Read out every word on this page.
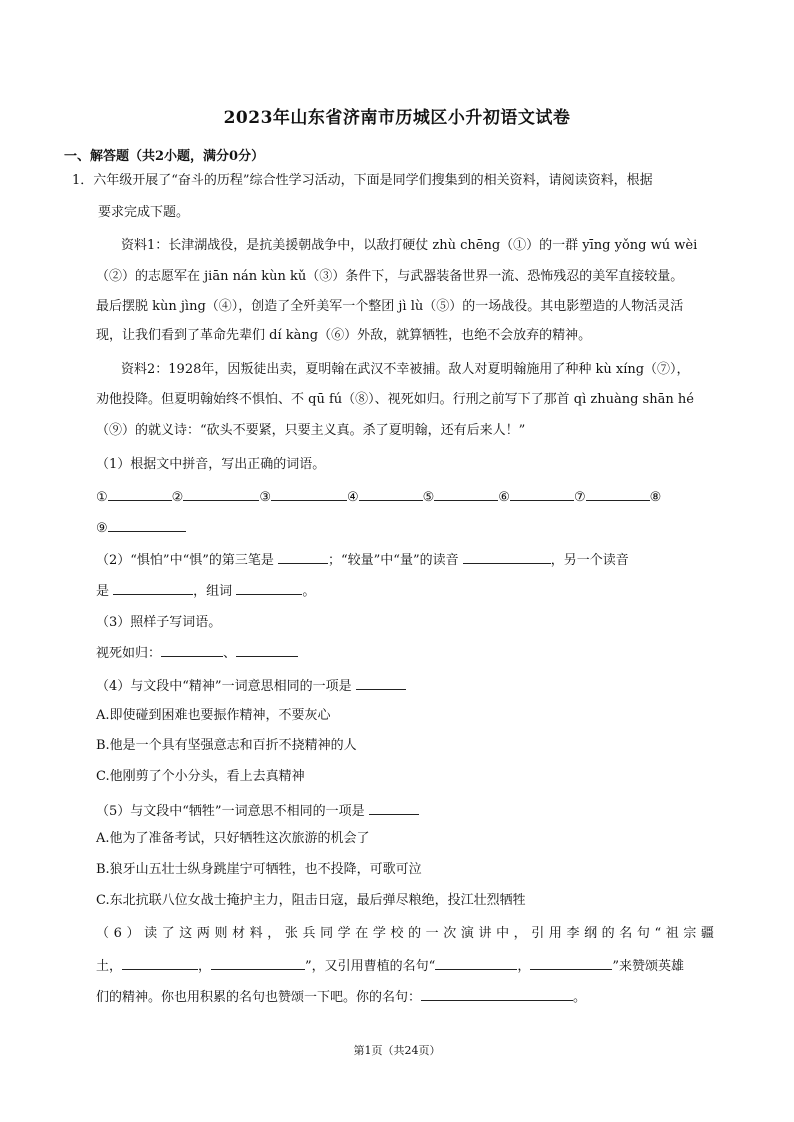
2023年山东省济南市历城区小升初语文试卷
一、解答题（共2小题，满分0分）
1．六年级开展了“奋斗的历程”综合性学习活动，下面是同学们搜集到的相关资料，请阅读资料，根据
要求完成下题。
资料1：长津湖战役，是抗美援朝战争中，以敌打硬仗 zhù chēng（①）的一群 yīng yǒng wú wèi
（②）的志愿军在 jiān nán kùn kǔ（③）条件下，与武器装备世界一流、恐怖残忍的美军直接较量。
最后摆脱 kùn jìng（④），创造了全歼美军一个整团 jì lù（⑤）的一场战役。其电影塑造的人物活灵活
现，让我们看到了革命先辈们 dí kàng（⑥）外敌，就算牺牲，也绝不会放弃的精神。
资料2：1928年，因叛徒出卖，夏明翰在武汉不幸被捕。敌人对夏明翰施用了种种 kù xíng（⑦），
劝他投降。但夏明翰始终不惧怕、不 qū fú（⑧）、视死如归。行刑之前写下了那首 qì zhuàng shān hé
（⑨）的就义诗：“砍头不要紧，只要主义真。杀了夏明翰，还有后来人！”
（1）根据文中拼音，写出正确的词语。
①	②	③	④	⑤	⑥	⑦	⑧
⑨
（2）“惧怕”中“惧”的第三笔是	；“较量”中“量”的读音	，另一个读音
是	，组词	。
（3）照样子写词语。
视死如归：	、
（4）与文段中“精神”一词意思相同的一项是
A.即使碰到困难也要振作精神，不要灰心
B.他是一个具有坚强意志和百折不挠精神的人
C.他刚剪了个小分头，看上去真精神
（5）与文段中“牺牲”一词意思不相同的一项是
A.他为了准备考试，只好牺牲这次旅游的机会了
B.狼牙山五壮士纵身跳崖宁可牺牲，也不投降，可歌可泣
C.东北抗联八位女战士掩护主力，阻击日寇，最后弹尽粮绝，投江壮烈牺牲
（6）读了这两则材料，张兵同学在学校的一次演讲中，引用李纲的名句“祖宗疆
土，	，	”，又引用曹植的名句“	，	”来赞颂英雄
们的精神。你也用积累的名句也赞颂一下吧。你的名句：	。
第1页（共24页）
